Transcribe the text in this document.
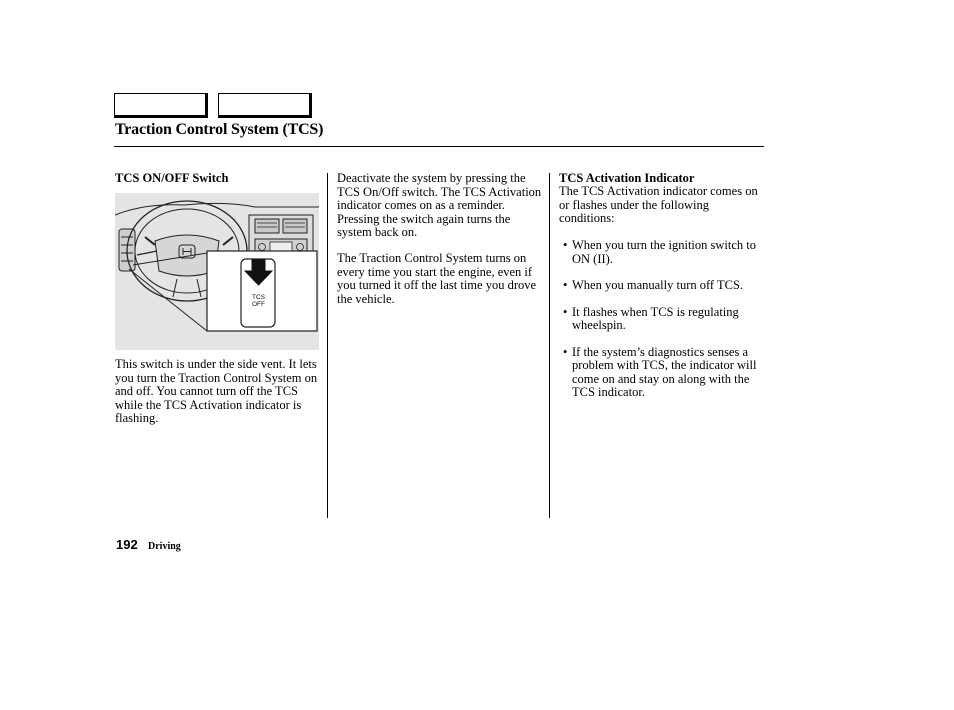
Traction Control System (TCS)
TCS ON/OFF Switch
TCS
OFF
This switch is under the side vent. It lets you turn the Traction Control System on and off. You cannot turn off the TCS while the TCS Activation indicator is flashing.
Deactivate the system by pressing the TCS On/Off switch. The TCS Activation indicator comes on as a reminder. Pressing the switch again turns the system back on.
The Traction Control System turns on every time you start the engine, even if you turned it off the last time you drove the vehicle.
TCS Activation Indicator
The TCS Activation indicator comes on or flashes under the following conditions:
• When you turn the ignition switch to ON (II).
• When you manually turn off TCS.
• It flashes when TCS is regulating wheelspin.
• If the system’s diagnostics senses a problem with TCS, the indicator will come on and stay on along with the TCS indicator.
192 Driving
